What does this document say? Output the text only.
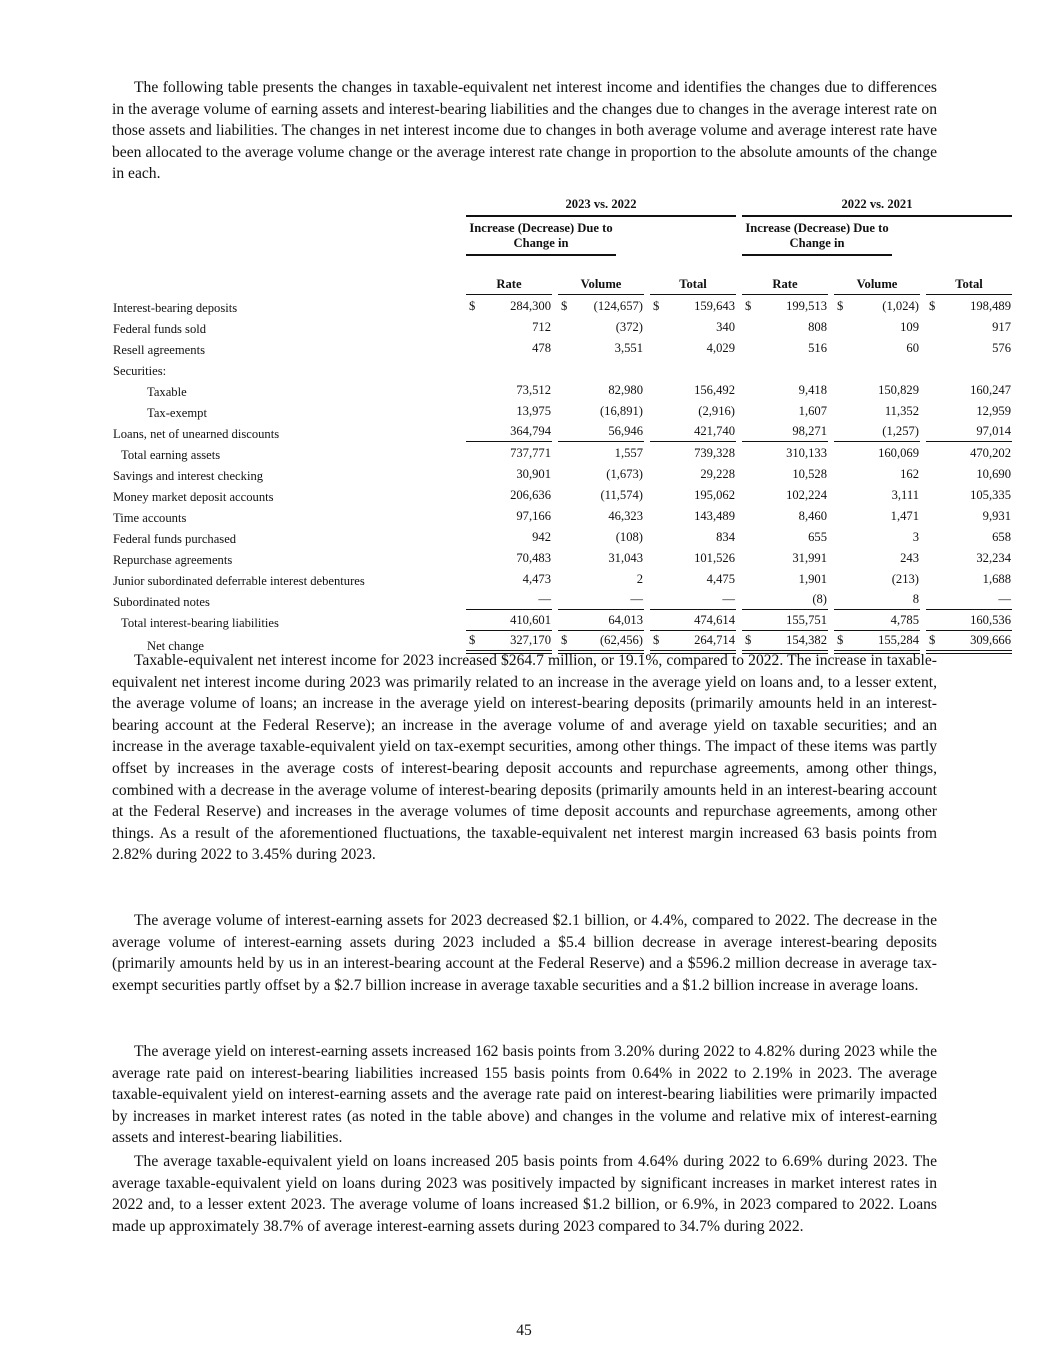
The following table presents the changes in taxable-equivalent net interest income and identifies the changes due to differences in the average volume of earning assets and interest-bearing liabilities and the changes due to changes in the average interest rate on those assets and liabilities. The changes in net interest income due to changes in both average volume and average interest rate have been allocated to the average volume change or the average interest rate change in proportion to the absolute amounts of the change in each.

	2023 vs. 2022			2022 vs. 2021		

	Increase (Decrease) Due to Change in			Increase (Decrease) Due to Change in		

	Rate	Volume	Total	Rate	Volume	Total

Interest-bearing deposits	$ 284,300	$ (124,657)	$ 159,643	$ 199,513	$ (1,024)	$ 198,489

Federal funds sold	712	(372)	340	808	109	917

Resell agreements	478	3,551	4,029	516	60	576

Securities:	

Taxable	73,512	82,980	156,492	9,418	150,829	160,247

Tax-exempt	13,975	(16,891)	(2,916)	1,607	11,352	12,959

Loans, net of unearned discounts	364,794	56,946	421,740	98,271	(1,257)	97,014

Total earning assets	737,771	1,557	739,328	310,133	160,069	470,202

Savings and interest checking	30,901	(1,673)	29,228	10,528	162	10,690

Money market deposit accounts	206,636	(11,574)	195,062	102,224	3,111	105,335

Time accounts	97,166	46,323	143,489	8,460	1,471	9,931

Federal funds purchased	942	(108)	834	655	3	658

Repurchase agreements	70,483	31,043	101,526	31,991	243	32,234

Junior subordinated deferrable interest debentures	4,473	2	4,475	1,901	(213)	1,688

Subordinated notes	—	—	—	(8)	8	—

Total interest-bearing liabilities	410,601	64,013	474,614	155,751	4,785	160,536

Net change	$ 327,170	$ (62,456)	$ 264,714	$ 154,382	$ 155,284	$ 309,666

Taxable-equivalent net interest income for 2023 increased $264.7 million, or 19.1%, compared to 2022. The increase in taxable-equivalent net interest income during 2023 was primarily related to an increase in the average yield on loans and, to a lesser extent, the average volume of loans; an increase in the average yield on interest-bearing deposits (primarily amounts held in an interest-bearing account at the Federal Reserve); an increase in the average volume of and average yield on taxable securities; and an increase in the average taxable-equivalent yield on tax-exempt securities, among other things. The impact of these items was partly offset by increases in the average costs of interest-bearing deposit accounts and repurchase agreements, among other things, combined with a decrease in the average volume of interest-bearing deposits (primarily amounts held in an interest-bearing account at the Federal Reserve) and increases in the average volumes of time deposit accounts and repurchase agreements, among other things. As a result of the aforementioned fluctuations, the taxable-equivalent net interest margin increased 63 basis points from 2.82% during 2022 to 3.45% during 2023.

The average volume of interest-earning assets for 2023 decreased $2.1 billion, or 4.4%, compared to 2022. The decrease in the average volume of interest-earning assets during 2023 included a $5.4 billion decrease in average interest-bearing deposits (primarily amounts held by us in an interest-bearing account at the Federal Reserve) and a $596.2 million decrease in average tax-exempt securities partly offset by a $2.7 billion increase in average taxable securities and a $1.2 billion increase in average loans.

The average yield on interest-earning assets increased 162 basis points from 3.20% during 2022 to 4.82% during 2023 while the average rate paid on interest-bearing liabilities increased 155 basis points from 0.64% in 2022 to 2.19% in 2023. The average taxable-equivalent yield on interest-earning assets and the average rate paid on interest-bearing liabilities were primarily impacted by increases in market interest rates (as noted in the table above) and changes in the volume and relative mix of interest-earning assets and interest-bearing liabilities.

The average taxable-equivalent yield on loans increased 205 basis points from 4.64% during 2022 to 6.69% during 2023. The average taxable-equivalent yield on loans during 2023 was positively impacted by significant increases in market interest rates in 2022 and, to a lesser extent 2023. The average volume of loans increased $1.2 billion, or 6.9%, in 2023 compared to 2022. Loans made up approximately 38.7% of average interest-earning assets during 2023 compared to 34.7% during 2022.

45
